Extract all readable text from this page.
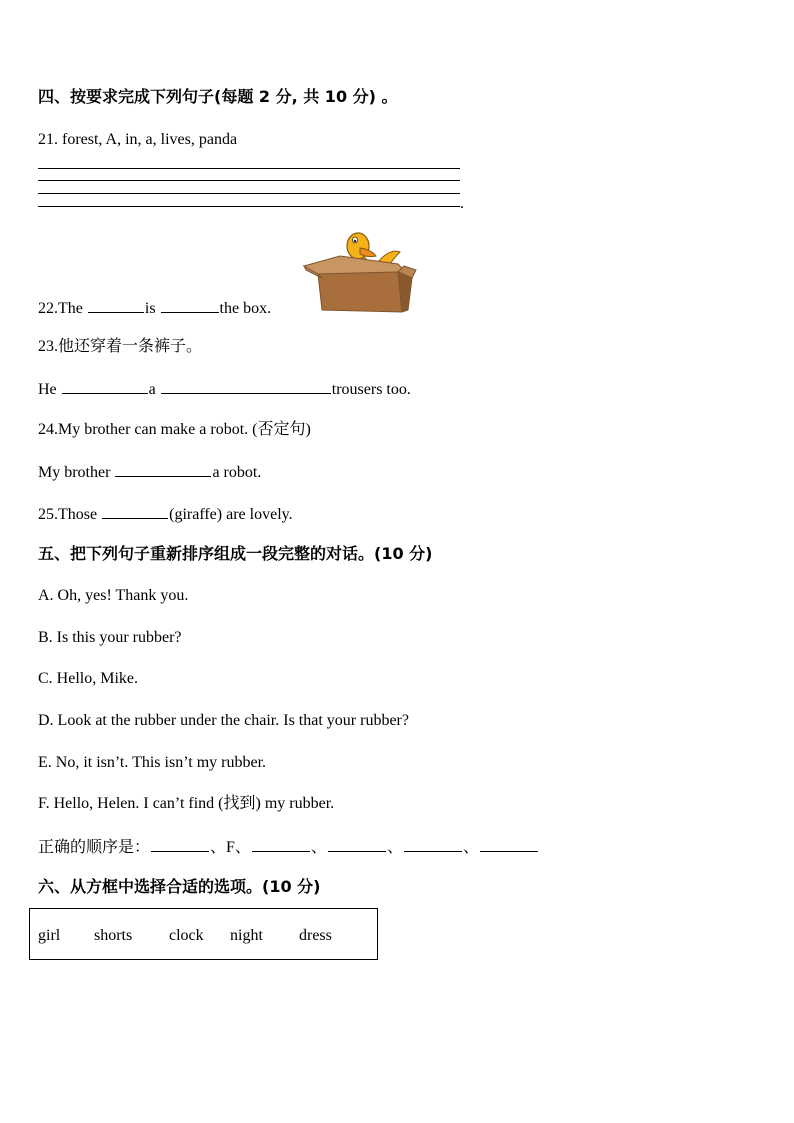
四、按要求完成下列句子(每题 2 分, 共 10 分) 。
21. forest, A, in, a, lives, panda
.
22.The	is	the box.
23.他还穿着一条裤子。
He	a	trousers too.
24.My brother can make a robot. (否定句)
My brother	a robot.
25.Those	(giraffe) are lovely.
五、把下列句子重新排序组成一段完整的对话。(10 分)
A. Oh, yes! Thank you.
B. Is this your rubber?
C. Hello, Mike.
D. Look at the rubber under the chair. Is that your rubber?
E. No, it isn’t. This isn’t my rubber.
F. Hello, Helen. I can’t find (找到) my rubber.
正确的顺序是：	、F、	、	、	、
六、从方框中选择合适的选项。(10 分)
girl shorts clock night dress
